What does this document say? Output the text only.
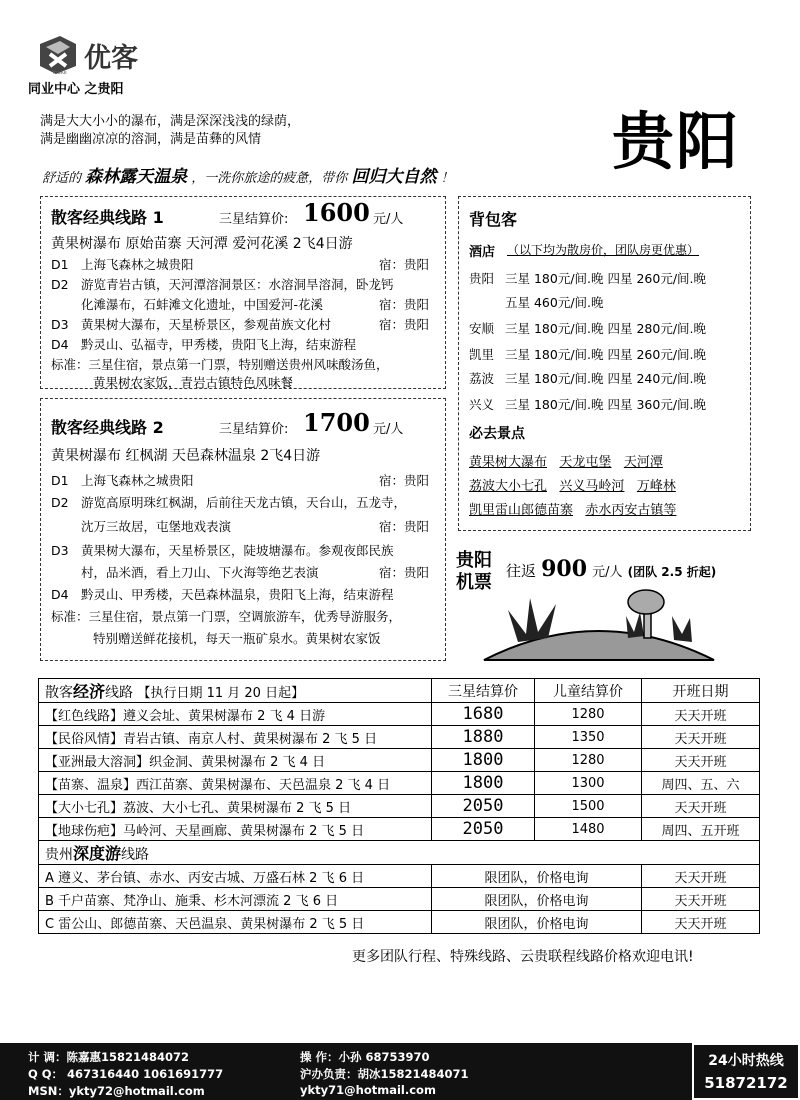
优客
YouKe
同业中心 之贵阳
满是大大小小的瀑布，满是深深浅浅的绿荫，
满是幽幽凉凉的溶洞，满是苗彝的风情	贵阳
舒适的 森林露天温泉 ，一洗你旅途的疲惫，带你 回归大自然 ！
散客经典线路 1	三星结算价: 1600 元/人
黄果树瀑布 原始苗寨 天河潭 爱河花溪 2飞4日游
D1 上海飞森林之城贵阳	宿：贵阳
D2 游览青岩古镇，天河潭溶洞景区：水溶洞旱溶洞，卧龙钙
化滩瀑布，石蚌滩文化遗址，中国爱河-花溪	宿：贵阳
D3 黄果树大瀑布，天星桥景区，参观苗族文化村	宿：贵阳
D4 黔灵山、弘福寺，甲秀楼，贵阳飞上海，结束游程
标准：三星住宿，景点第一门票，特别赠送贵州风味酸汤鱼，
黄果树农家饭，青岩古镇特色风味餐
散客经典线路 2	三星结算价: 1700 元/人
黄果树瀑布 红枫湖 天邑森林温泉 2飞4日游
D1 上海飞森林之城贵阳	宿：贵阳
D2 游览高原明珠红枫湖，后前往天龙古镇，天台山，五龙寺，
沈万三故居，屯堡地戏表演	宿：贵阳
D3 黄果树大瀑布，天星桥景区，陡坡塘瀑布。参观夜郎民族
村，品米酒，看上刀山、下火海等绝艺表演	宿：贵阳
D4 黔灵山、甲秀楼，天邑森林温泉，贵阳飞上海，结束游程
标准：三星住宿，景点第一门票，空调旅游车，优秀导游服务，
特别赠送鲜花接机，每天一瓶矿泉水。黄果树农家饭
背包客
酒店 （以下均为散房价，团队房更优惠）
贵阳 三星 180元/间.晚 四星 260元/间.晚
五星 460元/间.晚
安顺 三星 180元/间.晚 四星 280元/间.晚
凯里 三星 180元/间.晚 四星 260元/间.晚
荔波 三星 180元/间.晚 四星 240元/间.晚
兴义 三星 180元/间.晚 四星 360元/间.晚
必去景点
黄果树大瀑布 天龙屯堡 天河潭
荔波大小七孔 兴义马岭河 万峰林
凯里雷山郎德苗寨 赤水丙安古镇等
贵阳
机票
往返 900 元/人 (团队 2.5 折起)
散客经济线路 【执行日期 11 月 20 日起】	三星结算价	儿童结算价	开班日期
【红色线路】遵义会址、黄果树瀑布 2 飞 4 日游	1680	1280	天天开班
【民俗风情】青岩古镇、南京人村、黄果树瀑布 2 飞 5 日	1880	1350	天天开班
【亚洲最大溶洞】织金洞、黄果树瀑布 2 飞 4 日	1800	1280	天天开班
【苗寨、温泉】西江苗寨、黄果树瀑布、天邑温泉 2 飞 4 日	1800	1300	周四、五、六
【大小七孔】荔波、大小七孔、黄果树瀑布 2 飞 5 日	2050	1500	天天开班
【地球伤疤】马岭河、天星画廊、黄果树瀑布 2 飞 5 日	2050	1480	周四、五开班
贵州深度游线路			
A 遵义、茅台镇、赤水、丙安古城、万盛石林 2 飞 6 日	限团队，价格电询		天天开班
B 千户苗寨、梵净山、施秉、杉木河漂流 2 飞 6 日	限团队，价格电询		天天开班
C 雷公山、郎德苗寨、天邑温泉、黄果树瀑布 2 飞 5 日	限团队，价格电询		天天开班
更多团队行程、特殊线路、云贵联程线路价格欢迎电讯!
计 调：陈嘉惠15821484072
Q Q： 467316440 1061691777
MSN：ykty72@hotmail.com
操 作：小孙 68753970
沪办负责：胡冰15821484071
ykty71@hotmail.com
24小时热线
51872172
